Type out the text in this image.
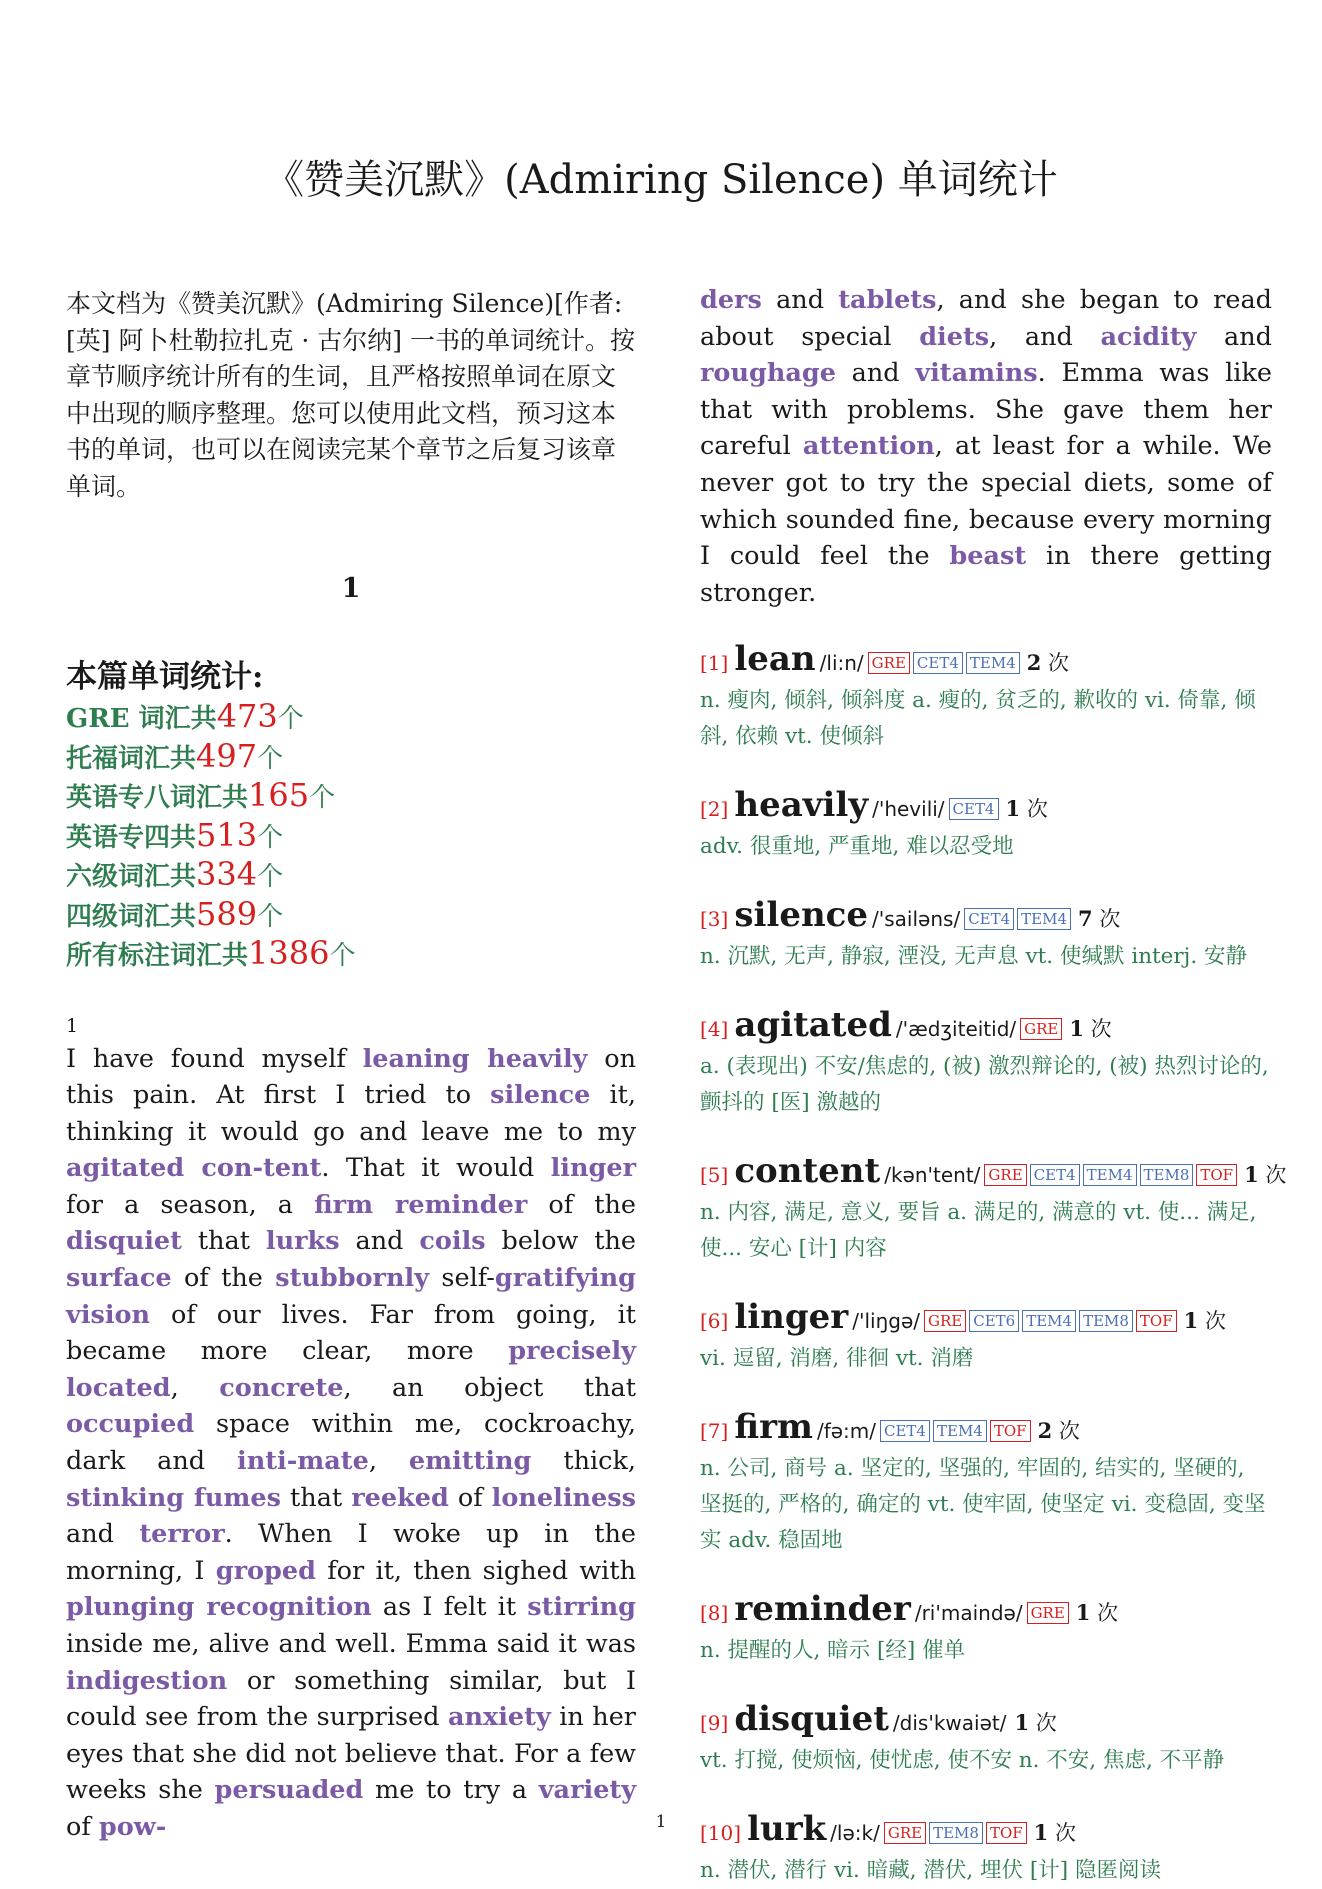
《赞美沉默》(Admiring Silence) 单词统计

本文档为《赞美沉默》(Admiring Silence)[作者: [英] 阿卜杜勒拉扎克 · 古尔纳] 一书的单词统计。按章节顺序统计所有的生词，且严格按照单词在原文中出现的顺序整理。您可以使用此文档，预习这本书的单词，也可以在阅读完某个章节之后复习该章单词。

1
本篇单词统计:
GRE 词汇共473个
托福词汇共497个
英语专八词汇共165个
英语专四共513个
六级词汇共334个
四级词汇共589个
所有标注词汇共1386个
1

I have found myself leaning heavily on this pain. At first I tried to silence it, thinking it would go and leave me to my agitated con-tent. That it would linger for a season, a firm reminder of the disquiet that lurks and coils below the surface of the stubbornly self-gratifying vision of our lives. Far from going, it became more clear, more precisely located, concrete, an object that occupied space within me, cockroachy, dark and inti-mate, emitting thick, stinking fumes that reeked of loneliness and terror. When I woke up in the morning, I groped for it, then sighed with plunging recognition as I felt it stirring inside me, alive and well. Emma said it was indigestion or something similar, but I could see from the surprised anxiety in her eyes that she did not believe that. For a few weeks she persuaded me to try a variety of pow-

ders and tablets, and she began to read about special diets, and acidity and roughage and vitamins. Emma was like that with problems. She gave them her careful attention, at least for a while. We never got to try the special diets, some of which sounded fine, because every morning I could feel the beast in there getting stronger.

[1] lean /li:n/ GRE CET4 TEM4 2 次
n. 瘦肉, 倾斜, 倾斜度 a. 瘦的, 贫乏的, 歉收的 vi. 倚靠, 倾斜, 依赖 vt. 使倾斜
[2] heavily /'hevili/ CET4 1 次
adv. 很重地, 严重地, 难以忍受地
[3] silence /'sailəns/ CET4 TEM4 7 次
n. 沉默, 无声, 静寂, 湮没, 无声息 vt. 使缄默 interj. 安静
[4] agitated /'ædʒiteitid/ GRE 1 次
a. (表现出) 不安/焦虑的, (被) 激烈辩论的, (被) 热烈讨论的, 颤抖的 [医] 激越的
[5] content /kən'tent/ GRE CET4 TEM4 TEM8 TOF 1 次
n. 内容, 满足, 意义, 要旨 a. 满足的, 满意的 vt. 使... 满足, 使... 安心 [计] 内容
[6] linger /'liŋgə/ GRE CET6 TEM4 TEM8 TOF 1 次
vi. 逗留, 消磨, 徘徊 vt. 消磨
[7] firm /fə:m/ CET4 TEM4 TOF 2 次
n. 公司, 商号 a. 坚定的, 坚强的, 牢固的, 结实的, 坚硬的, 坚挺的, 严格的, 确定的 vt. 使牢固, 使坚定 vi. 变稳固, 变坚实 adv. 稳固地
[8] reminder /ri'maində/ GRE 1 次
n. 提醒的人, 暗示 [经] 催单
[9] disquiet /dis'kwaiət/ 1 次
vt. 打搅, 使烦恼, 使忧虑, 使不安 n. 不安, 焦虑, 不平静
[10] lurk /lə:k/ GRE TEM8 TOF 1 次
n. 潜伏, 潜行 vi. 暗藏, 潜伏, 埋伏 [计] 隐匿阅读
1
